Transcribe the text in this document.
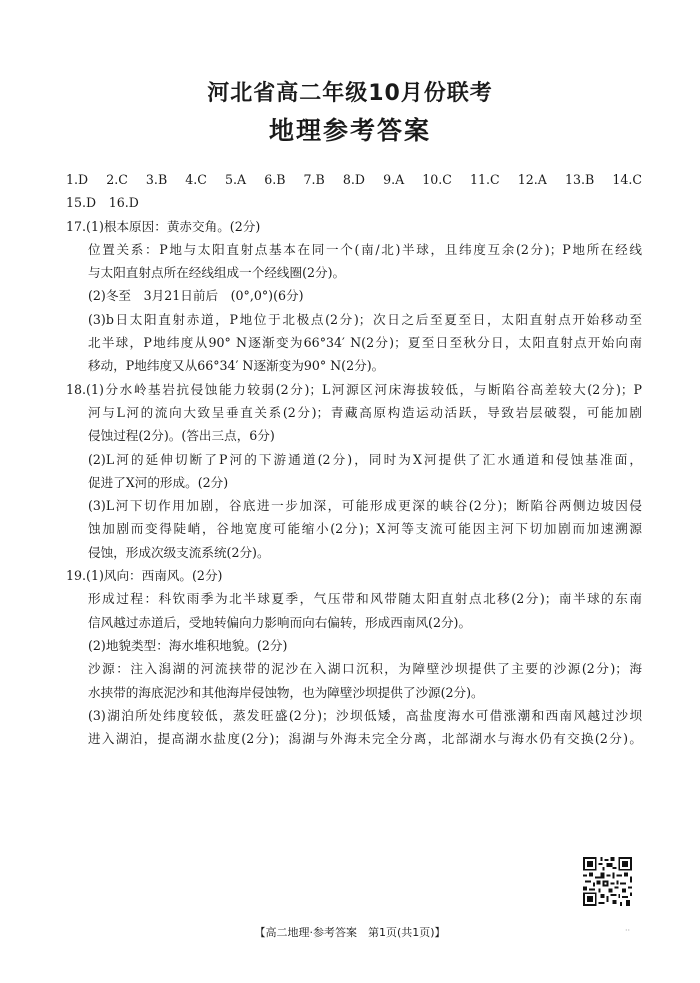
河北省高二年级10月份联考
地理参考答案
1.D　2.C　3.B　4.C　5.A　6.B　7.B　8.D　9.A　10.C　11.C　12.A　13.B　14.C
15.D　16.D
17.(1)根本原因：黄赤交角。(2分)
位置关系：P地与太阳直射点基本在同一个(南/北)半球，且纬度互余(2分)；P地所在经线
与太阳直射点所在经线组成一个经线圈(2分)。
(2)冬至　3月21日前后　(0°,0°)(6分)
(3)b日太阳直射赤道，P地位于北极点(2分)；次日之后至夏至日，太阳直射点开始移动至
北半球，P地纬度从90° N逐渐变为66°34′ N(2分)；夏至日至秋分日，太阳直射点开始向南
移动，P地纬度又从66°34′ N逐渐变为90° N(2分)。
18.(1)分水岭基岩抗侵蚀能力较弱(2分)；L河源区河床海拔较低，与断陷谷高差较大(2分)；P
河与L河的流向大致呈垂直关系(2分)；青藏高原构造运动活跃，导致岩层破裂，可能加剧
侵蚀过程(2分)。(答出三点，6分)
(2)L河的延伸切断了P河的下游通道(2分)，同时为X河提供了汇水通道和侵蚀基准面，
促进了X河的形成。(2分)
(3)L河下切作用加剧，谷底进一步加深，可能形成更深的峡谷(2分)；断陷谷两侧边坡因侵
蚀加剧而变得陡峭，谷地宽度可能缩小(2分)；X河等支流可能因主河下切加剧而加速溯源
侵蚀，形成次级支流系统(2分)。
19.(1)风向：西南风。(2分)
形成过程：科钦雨季为北半球夏季，气压带和风带随太阳直射点北移(2分)；南半球的东南
信风越过赤道后，受地转偏向力影响而向右偏转，形成西南风(2分)。
(2)地貌类型：海水堆积地貌。(2分)
沙源：注入潟湖的河流挟带的泥沙在入湖口沉积，为障壁沙坝提供了主要的沙源(2分)；海
水挟带的海底泥沙和其他海岸侵蚀物，也为障壁沙坝提供了沙源(2分)。
(3)湖泊所处纬度较低，蒸发旺盛(2分)；沙坝低矮，高盐度海水可借涨潮和西南风越过沙坝
进入湖泊，提高湖水盐度(2分)；潟湖与外海未完全分离，北部湖水与海水仍有交换(2分)。
【高二地理·参考答案　第1页(共1页)】	··
